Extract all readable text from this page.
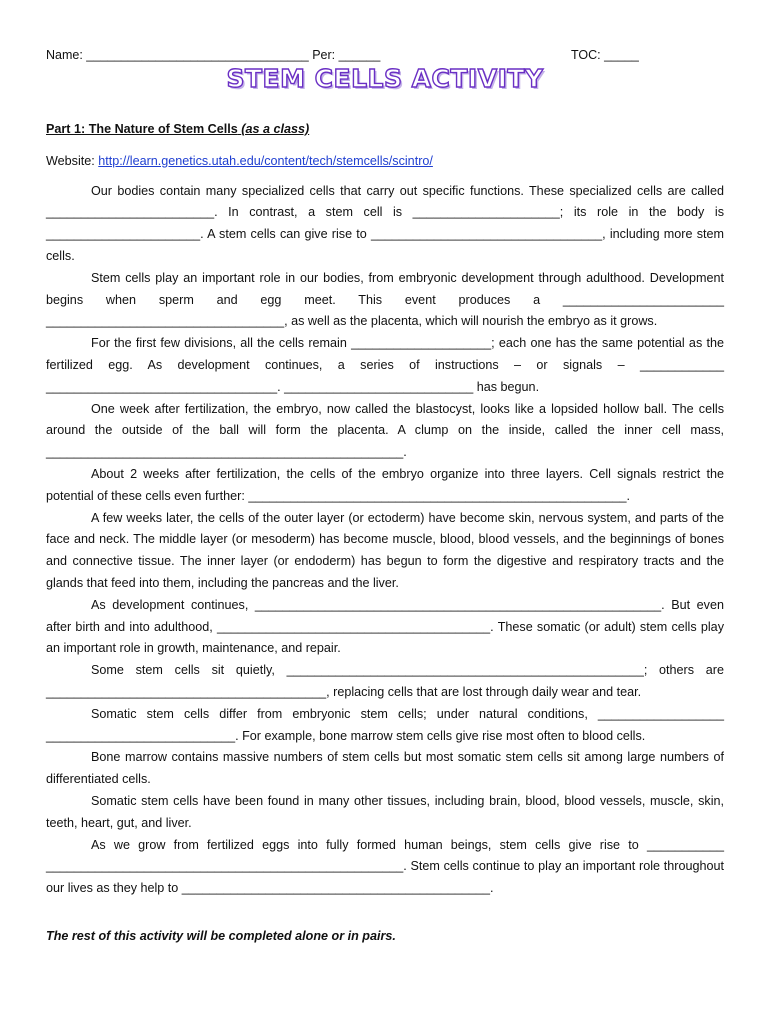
Name: ________________________________ Per: ______	TOC: _____
STEM CELLS ACTIVITY

Part 1: The Nature of Stem Cells (as a class)

Website: http://learn.genetics.utah.edu/content/tech/stemcells/scintro/

Our bodies contain many specialized cells that carry out specific functions. These specialized cells are called ________________________. In contrast, a stem cell is _____________________; its role in the body is ______________________. A stem cells can give rise to _________________________________, including more stem cells.

Stem cells play an important role in our bodies, from embryonic development through adulthood. Development begins when sperm and egg meet. This event produces a _______________________ __________________________________, as well as the placenta, which will nourish the embryo as it grows.

For the first few divisions, all the cells remain ____________________; each one has the same potential as the fertilized egg. As development continues, a series of instructions – or signals – ____________ _________________________________. ___________________________ has begun.

One week after fertilization, the embryo, now called the blastocyst, looks like a lopsided hollow ball. The cells around the outside of the ball will form the placenta. A clump on the inside, called the inner cell mass, ___________________________________________________.

About 2 weeks after fertilization, the cells of the embryo organize into three layers. Cell signals restrict the potential of these cells even further: ______________________________________________________.

A few weeks later, the cells of the outer layer (or ectoderm) have become skin, nervous system, and parts of the face and neck. The middle layer (or mesoderm) has become muscle, blood, blood vessels, and the beginnings of bones and connective tissue. The inner layer (or endoderm) has begun to form the digestive and respiratory tracts and the glands that feed into them, including the pancreas and the liver.

As development continues, __________________________________________________________. But even after birth and into adulthood, _______________________________________. These somatic (or adult) stem cells play an important role in growth, maintenance, and repair.

Some stem cells sit quietly, ___________________________________________________; others are ________________________________________, replacing cells that are lost through daily wear and tear.

Somatic stem cells differ from embryonic stem cells; under natural conditions, __________________ ___________________________. For example, bone marrow stem cells give rise most often to blood cells.

Bone marrow contains massive numbers of stem cells but most somatic stem cells sit among large numbers of differentiated cells.

Somatic stem cells have been found in many other tissues, including brain, blood, blood vessels, muscle, skin, teeth, heart, gut, and liver.

As we grow from fertilized eggs into fully formed human beings, stem cells give rise to ___________ ___________________________________________________. Stem cells continue to play an important role throughout our lives as they help to ____________________________________________.

The rest of this activity will be completed alone or in pairs.
